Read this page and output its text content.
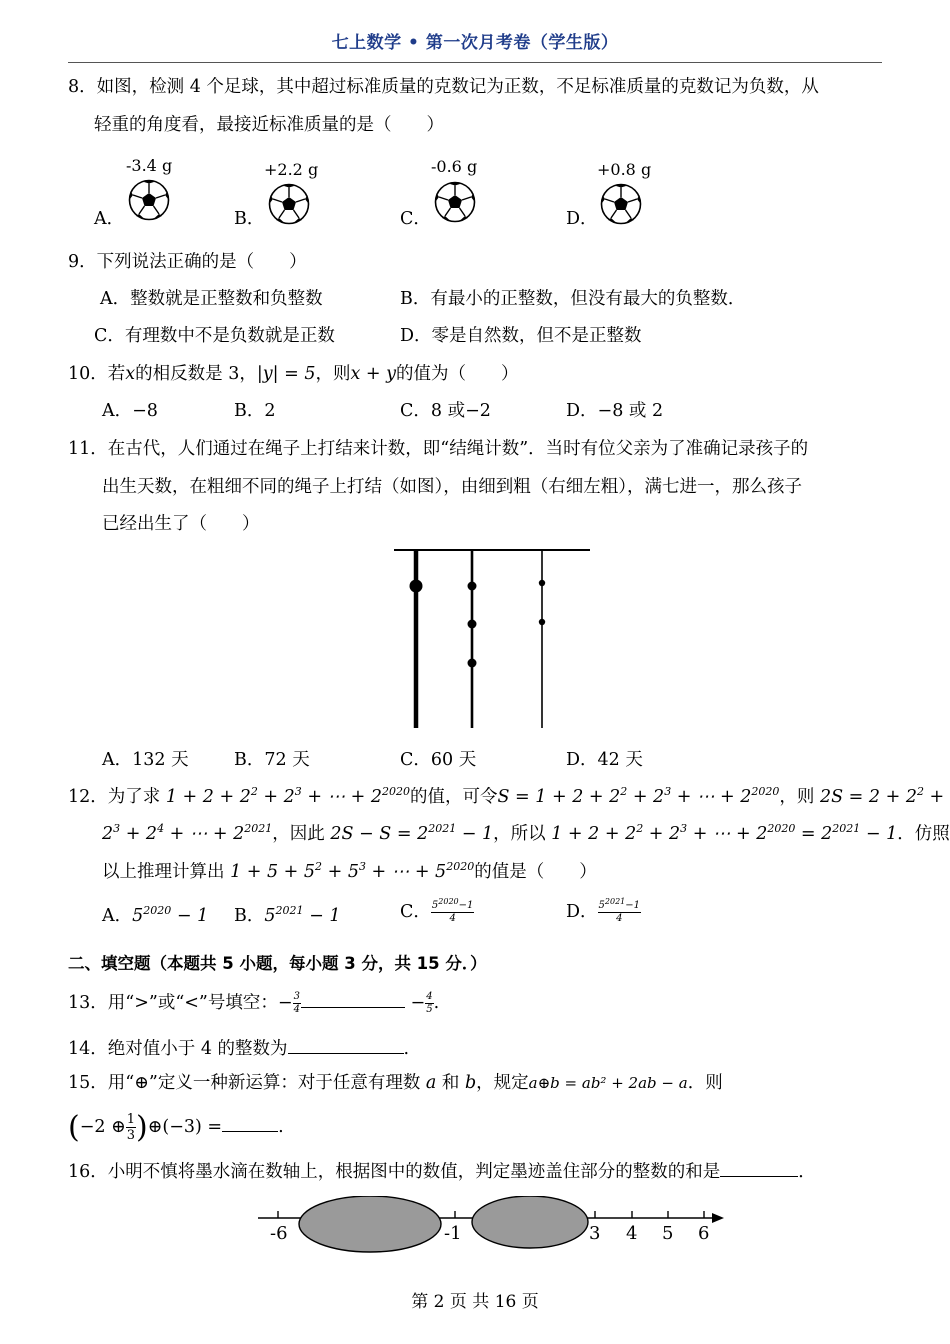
七上数学 • 第一次月考卷（学生版）
8．如图，检测 4 个足球，其中超过标准质量的克数记为正数，不足标准质量的克数记为负数，从
轻重的角度看，最接近标准质量的是（　　）
A．
-3.4 g
B．
+2.2 g
C．
-0.6 g
D．
+0.8 g
9．下列说法正确的是（　　）
A．整数就是正整数和负整数	B．有最小的正整数，但没有最大的负整数．
C．有理数中不是负数就是正数	D．零是自然数，但不是正整数
10．若x的相反数是 3，|y| = 5，则x + y的值为（　　）
A．−8	B．2	C．8 或−2	D．−8 或 2
11．在古代，人们通过在绳子上打结来计数，即“结绳计数”．当时有位父亲为了准确记录孩子的
出生天数，在粗细不同的绳子上打结（如图），由细到粗（右细左粗），满七进一，那么孩子
已经出生了（　　）
A．132 天	B．72 天	C．60 天	D．42 天
12．为了求 $1 + 2 + 2^2 + 2^3$ + ⋯ + $2^{2020}$的值，可令$S = 1 + 2 + 2^2 + 2^3$ + ⋯ + $2^{2020}$，则 $2S = 2 + 2^2$ +
$2^3 + 2^4$ + ⋯ + $2^{2021}$，因此 $2S - S = 2^{2021} - 1$，所以 $1 + 2 + 2^2 + 2^3$ + ⋯ + $2^{2020} = 2^{2021} - 1$．仿照
以上推理计算出 $1 + 5 + 5^2 + 5^3$ + ⋯ + $5^{2020}$的值是（　　）
A．$5^{2020} - 1$ B．$5^{2021} - 1$	C． $\frac{5^{2020}-1}{4}$	D． $\frac{5^{2021}-1}{4}$
二、填空题（本题共 5 小题，每小题 3 分，共 15 分．）
13．用“>”或“<”号填空：− $\frac{3}{4}$	− $\frac{4}{5}$ .
14．绝对值小于 4 的整数为	.
15．用“⊕”定义一种新运算：对于任意有理数 a 和 b，规定a⊕b = ab² + 2ab − a．则
(−2 ⊕ $\frac{1}{3}$ )⊕(−3) =	.
16．小明不慎将墨水滴在数轴上，根据图中的数值，判定墨迹盖住部分的整数的和是	．
-6	-1	3 4 5 6
第 2 页 共 16 页
